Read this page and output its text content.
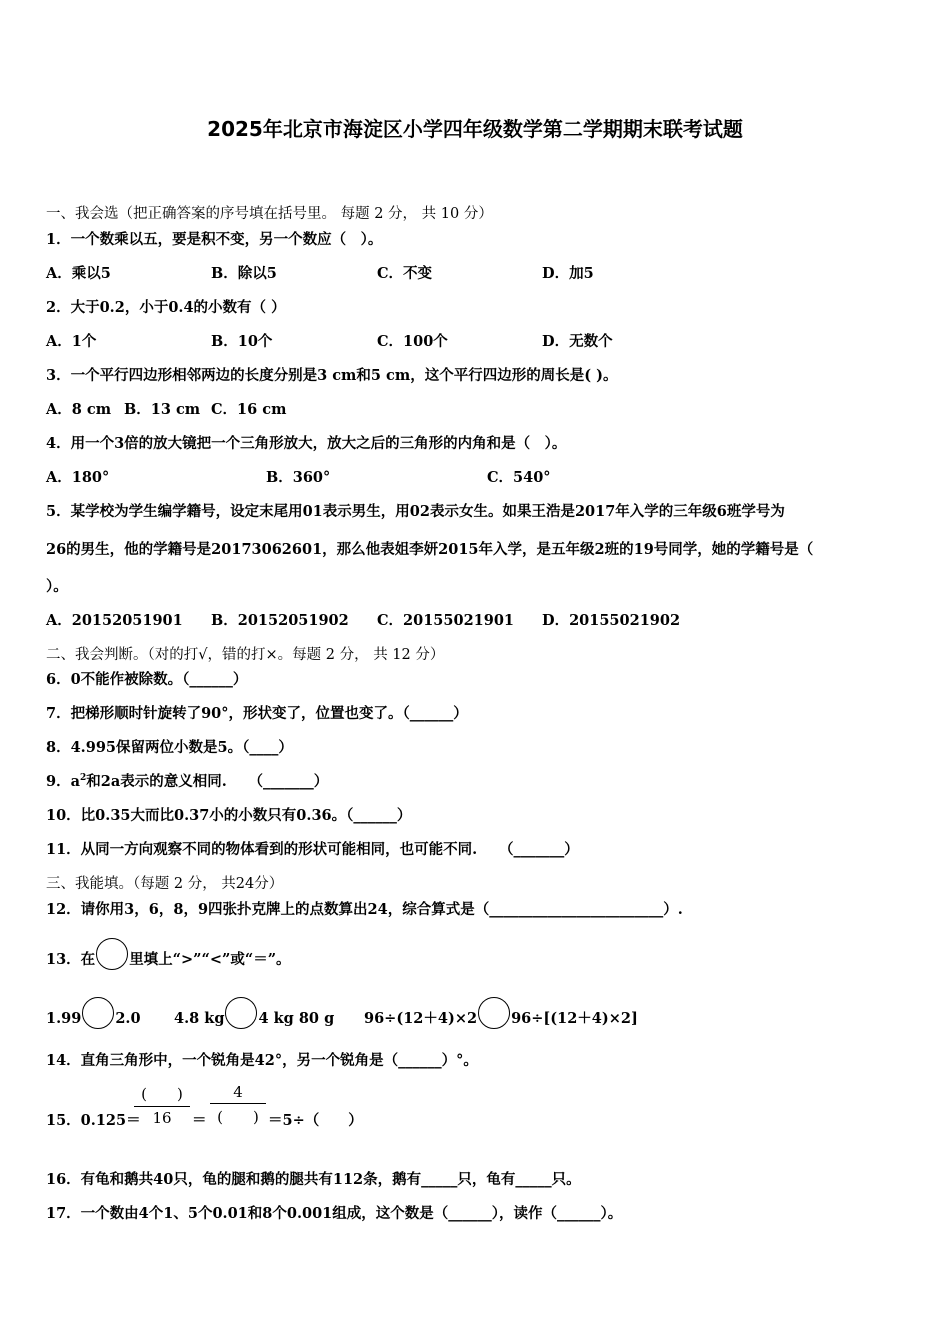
2025年北京市海淀区小学四年级数学第二学期期末联考试题
一、我会选（把正确答案的序号填在括号里。 每题 2 分， 共 10 分）
1．一个数乘以五，要是积不变，另一个数应（　）。
A．乘以5	B．除以5	C．不变	D．加5
2．大于0.2，小于0.4的小数有（ ）
A．1个	B．10个	C．100个	D．无数个
3．一个平行四边形相邻两边的长度分别是3 cm和5 cm，这个平行四边形的周长是( )。
A．8 cm B．13 cm C．16 cm
4．用一个3倍的放大镜把一个三角形放大，放大之后的三角形的内角和是（　）。
A．180°	B．360°	C．540°
5．某学校为学生编学籍号，设定末尾用01表示男生，用02表示女生。如果王浩是2017年入学的三年级6班学号为
26的男生，他的学籍号是20173062601，那么他表姐李妍2015年入学，是五年级2班的19号同学，她的学籍号是（
）。
A．20152051901 B．20152051902 C．20155021901 D．20155021902
二、我会判断。（对的打√，错的打×。每题 2 分， 共 12 分）
6．0不能作被除数。（______）
7．把梯形顺时针旋转了90°，形状变了，位置也变了。（______）
8．4.995保留两位小数是5。（____）
9．$a^2$和2a表示的意义相同.　　（_______）
10．比0.35大而比0.37小的小数只有0.36。（______）
11．从同一方向观察不同的物体看到的形状可能相同，也可能不同.　　（_______）
三、我能填。（每题 2 分， 共24分）
12．请你用3，6，8，9四张扑克牌上的点数算出24，综合算式是（________________________）.
13．在 里填上“>”“<”或“＝”。
1.99 2.0 4.8 kg 4 kg 80 g 96÷(12＋4)×2 96÷[(12＋4)×2]
14．直角三角形中，一个锐角是42°，另一个锐角是（______）°。
15．0.125＝
(　　)
16	＝
4
(　　) ＝5÷（　　）
16．有龟和鹅共40只，龟的腿和鹅的腿共有112条，鹅有_____只，龟有_____只。
17．一个数由4个1、5个0.01和8个0.001组成，这个数是（______），读作（______）。
